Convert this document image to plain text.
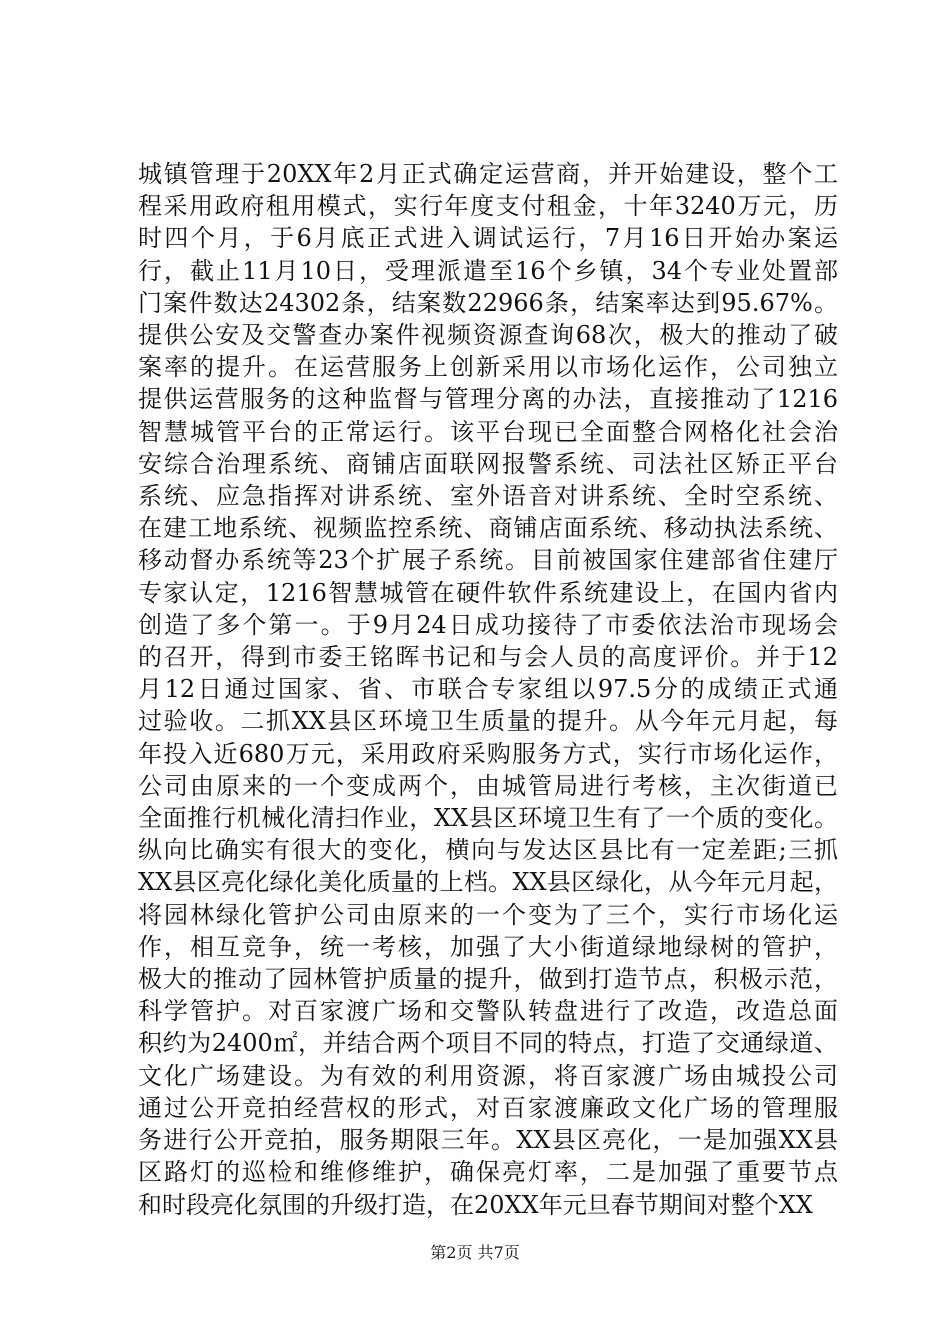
城镇管理于20XX年2月正式确定运营商，并开始建设，整个工
程采用政府租用模式，实行年度支付租金，十年3240万元，历
时四个月，于6月底正式进入调试运行，7月16日开始办案运
行，截止11月10日，受理派遣至16个乡镇，34个专业处置部
门案件数达24302条，结案数22966条，结案率达到95.67%。
提供公安及交警查办案件视频资源查询68次，极大的推动了破
案率的提升。在运营服务上创新采用以市场化运作，公司独立
提供运营服务的这种监督与管理分离的办法，直接推动了1216
智慧城管平台的正常运行。该平台现已全面整合网格化社会治
安综合治理系统、商铺店面联网报警系统、司法社区矫正平台
系统、应急指挥对讲系统、室外语音对讲系统、全时空系统、
在建工地系统、视频监控系统、商铺店面系统、移动执法系统、
移动督办系统等23个扩展子系统。目前被国家住建部省住建厅
专家认定，1216智慧城管在硬件软件系统建设上，在国内省内
创造了多个第一。于9月24日成功接待了市委依法治市现场会
的召开，得到市委王铭晖书记和与会人员的高度评价。并于12
月12日通过国家、省、市联合专家组以97.5分的成绩正式通
过验收。二抓XX县区环境卫生质量的提升。从今年元月起，每
年投入近680万元，采用政府采购服务方式，实行市场化运作，
公司由原来的一个变成两个，由城管局进行考核，主次街道已
全面推行机械化清扫作业，XX县区环境卫生有了一个质的变化。
纵向比确实有很大的变化，横向与发达区县比有一定差距;三抓
XX县区亮化绿化美化质量的上档。XX县区绿化，从今年元月起，
将园林绿化管护公司由原来的一个变为了三个，实行市场化运
作，相互竞争，统一考核，加强了大小街道绿地绿树的管护，
极大的推动了园林管护质量的提升，做到打造节点，积极示范，
科学管护。对百家渡广场和交警队转盘进行了改造，改造总面
积约为2400㎡，并结合两个项目不同的特点，打造了交通绿道、
文化广场建设。为有效的利用资源，将百家渡广场由城投公司
通过公开竞拍经营权的形式，对百家渡廉政文化广场的管理服
务进行公开竞拍，服务期限三年。XX县区亮化，一是加强XX县
区路灯的巡检和维修维护，确保亮灯率，二是加强了重要节点
和时段亮化氛围的升级打造，在20XX年元旦春节期间对整个XX
第2页 共7页
